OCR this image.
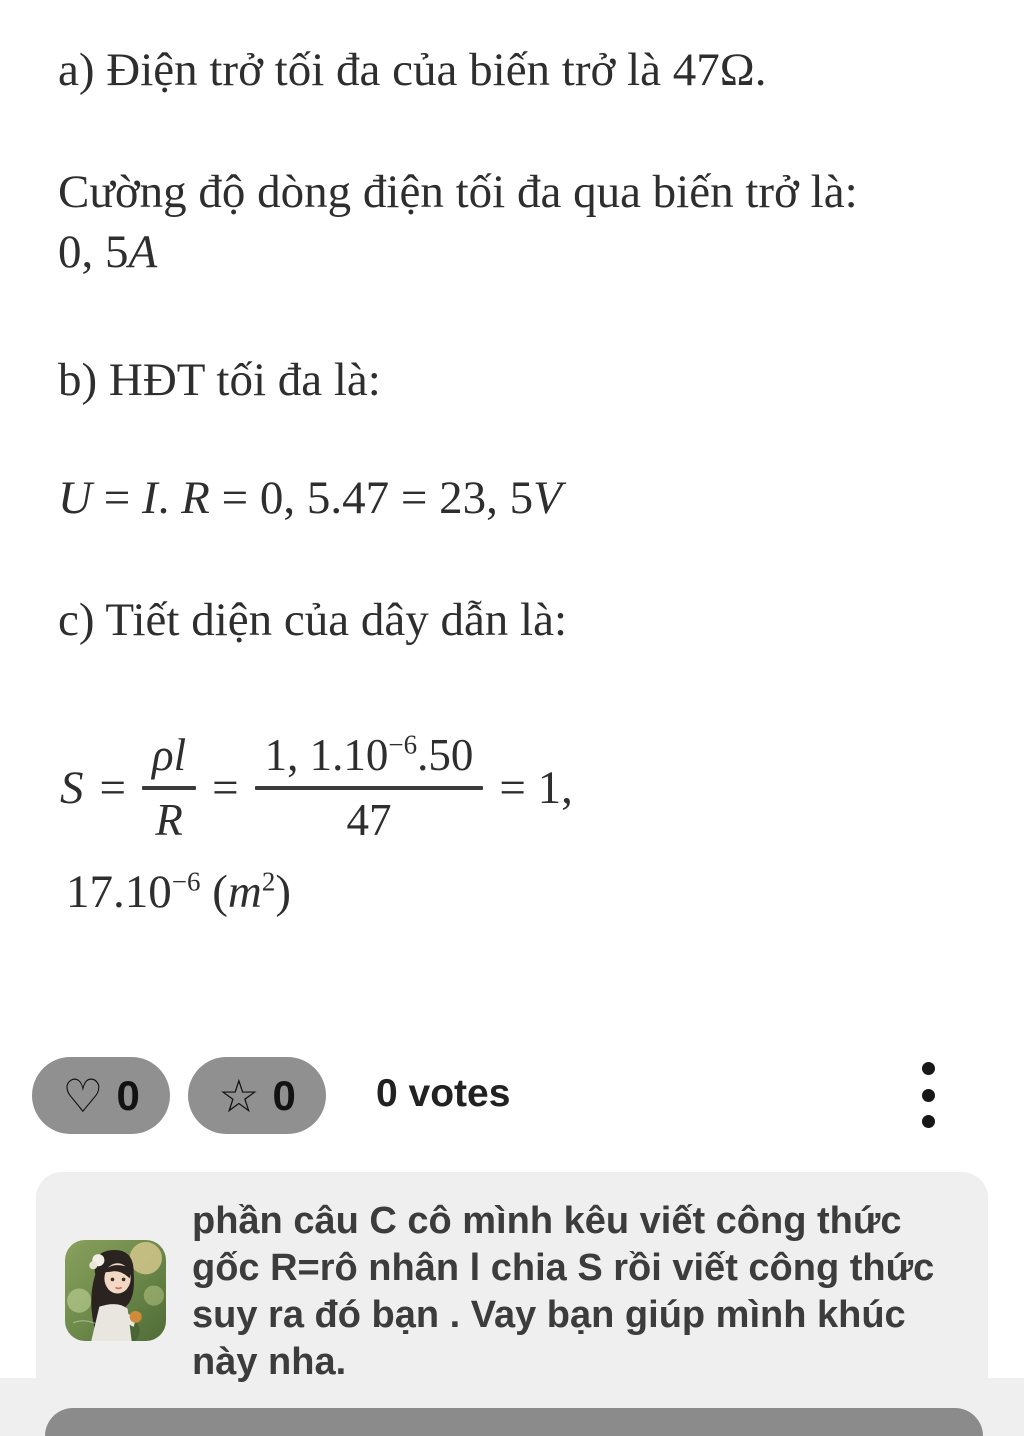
a) Điện trở tối đa của biến trở là 47Ω.
Cường độ dòng điện tối đa qua biến trở là:
0, 5A
b) HĐT tối đa là:
U = I. R = 0, 5.47 = 23, 5V
c) Tiết diện của dây dẫn là:
$S = \frac{\rho l}{R} = \frac{1, 1.10^{-6}.50}{47} = 1$,
$17.10^{-6}$ $(m^2)$
♡ 0 ☆ 0 0 votes
phần câu C cô mình kêu viết công thức
gốc R=rô nhân l chia S rồi viết công thức
suy ra đó bạn . Vay bạn giúp mình khúc
này nha.
